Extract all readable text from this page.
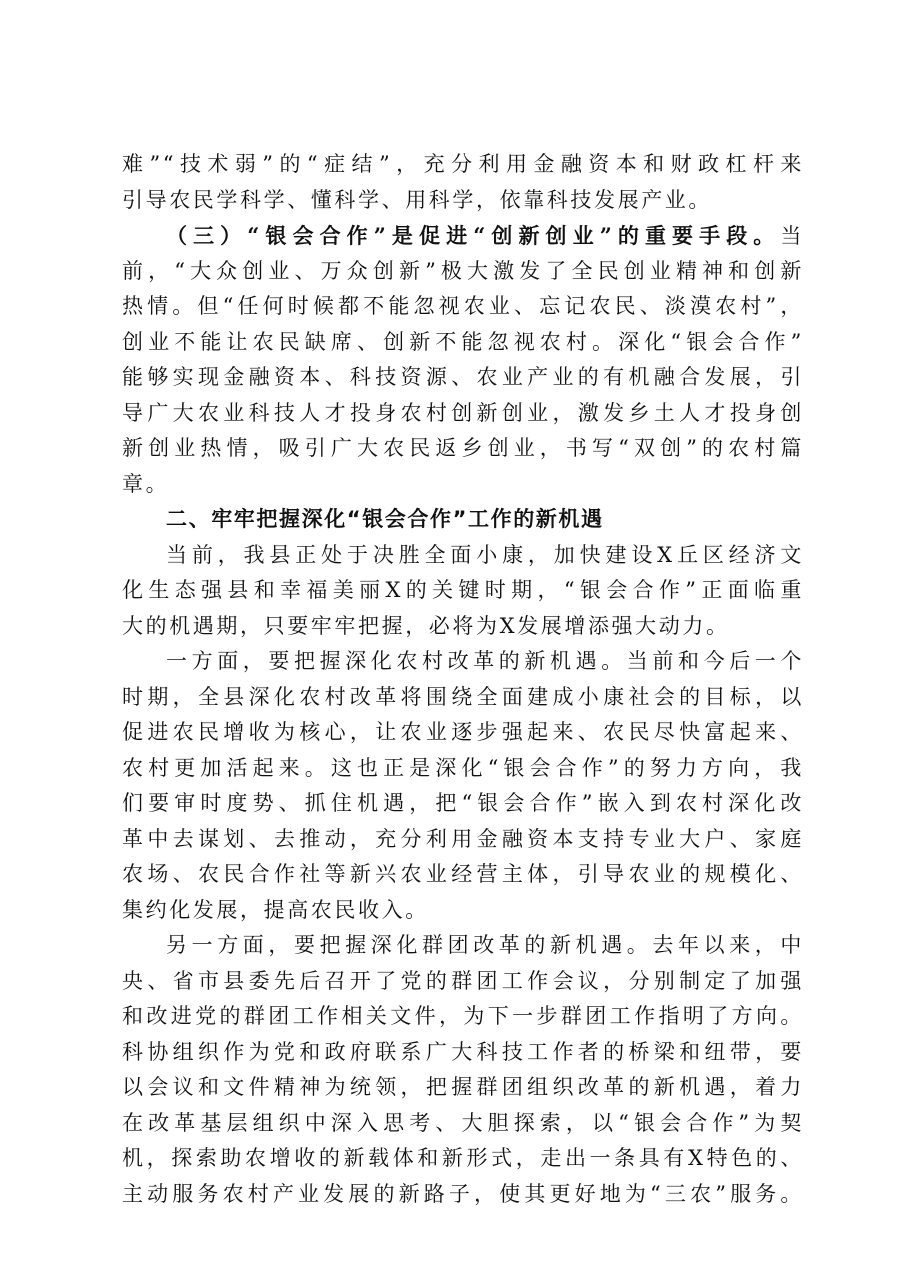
难”“技术弱”的“症结”，充分利用金融资本和财政杠杆来
引导农民学科学、懂科学、用科学，依靠科技发展产业。
（三）“银会合作”是促进“创新创业”的重要手段。当
前，“大众创业、万众创新”极大激发了全民创业精神和创新
热情。但“任何时候都不能忽视农业、忘记农民、淡漠农村”，
创业不能让农民缺席、创新不能忽视农村。深化“银会合作”
能够实现金融资本、科技资源、农业产业的有机融合发展，引
导广大农业科技人才投身农村创新创业，激发乡土人才投身创
新创业热情，吸引广大农民返乡创业，书写“双创”的农村篇
章。
二、牢牢把握深化“银会合作”工作的新机遇
当前，我县正处于决胜全面小康，加快建设X丘区经济文
化生态强县和幸福美丽X的关键时期，“银会合作”正面临重
大的机遇期，只要牢牢把握，必将为X发展增添强大动力。
一方面，要把握深化农村改革的新机遇。当前和今后一个
时期，全县深化农村改革将围绕全面建成小康社会的目标，以
促进农民增收为核心，让农业逐步强起来、农民尽快富起来、
农村更加活起来。这也正是深化“银会合作”的努力方向，我
们要审时度势、抓住机遇，把“银会合作”嵌入到农村深化改
革中去谋划、去推动，充分利用金融资本支持专业大户、家庭
农场、农民合作社等新兴农业经营主体，引导农业的规模化、
集约化发展，提高农民收入。
另一方面，要把握深化群团改革的新机遇。去年以来，中
央、省市县委先后召开了党的群团工作会议，分别制定了加强
和改进党的群团工作相关文件，为下一步群团工作指明了方向。
科协组织作为党和政府联系广大科技工作者的桥梁和纽带，要
以会议和文件精神为统领，把握群团组织改革的新机遇，着力
在改革基层组织中深入思考、大胆探索，以“银会合作”为契
机，探索助农增收的新载体和新形式，走出一条具有X特色的、
主动服务农村产业发展的新路子，使其更好地为“三农”服务。
